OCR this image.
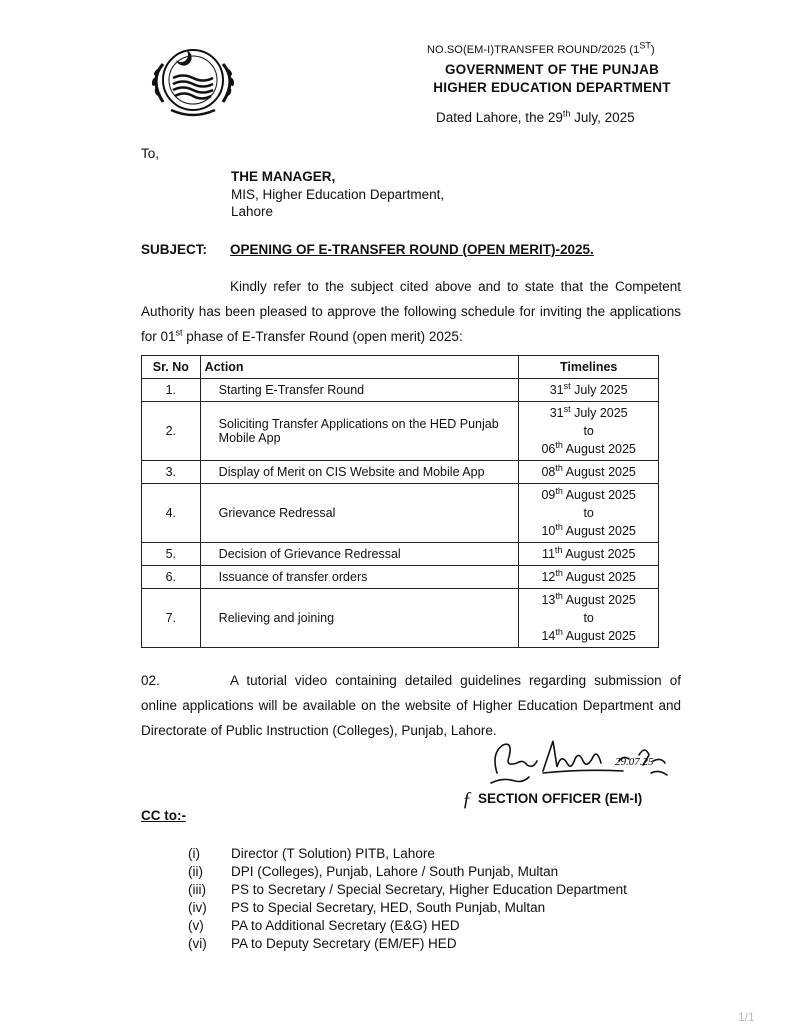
NO.SO(EM-I)TRANSFER ROUND/2025 (1ST)
GOVERNMENT OF THE PUNJAB
HIGHER EDUCATION DEPARTMENT
Dated Lahore, the 29th July, 2025
To,
THE MANAGER,
MIS, Higher Education Department,
Lahore
SUBJECT: OPENING OF E-TRANSFER ROUND (OPEN MERIT)-2025.
Kindly refer to the subject cited above and to state that the Competent Authority has been pleased to approve the following schedule for inviting the applications for 01st phase of E-Transfer Round (open merit) 2025:
Sr. No	Action	Timelines
1.	Starting E-Transfer Round	31st July 2025
2.	Soliciting Transfer Applications on the HED Punjab Mobile App	31st July 2025
to
06th August 2025
3.	Display of Merit on CIS Website and Mobile App	08th August 2025
4.	Grievance Redressal	09th August 2025
to
10th August 2025
5.	Decision of Grievance Redressal	11th August 2025
6.	Issuance of transfer orders	12th August 2025
7.	Relieving and joining	13th August 2025
to
14th August 2025
02.	A tutorial video containing detailed guidelines regarding submission of online applications will be available on the website of Higher Education Department and Directorate of Public Instruction (Colleges), Punjab, Lahore.
29.07.25
ƒ SECTION OFFICER (EM-I)
CC to:-
(i)	Director (T Solution) PITB, Lahore
(ii)	DPI (Colleges), Punjab, Lahore / South Punjab, Multan
(iii)	PS to Secretary / Special Secretary, Higher Education Department
(iv)	PS to Special Secretary, HED, South Punjab, Multan
(v)	PA to Additional Secretary (E&G) HED
(vi)	PA to Deputy Secretary (EM/EF) HED
1/1
